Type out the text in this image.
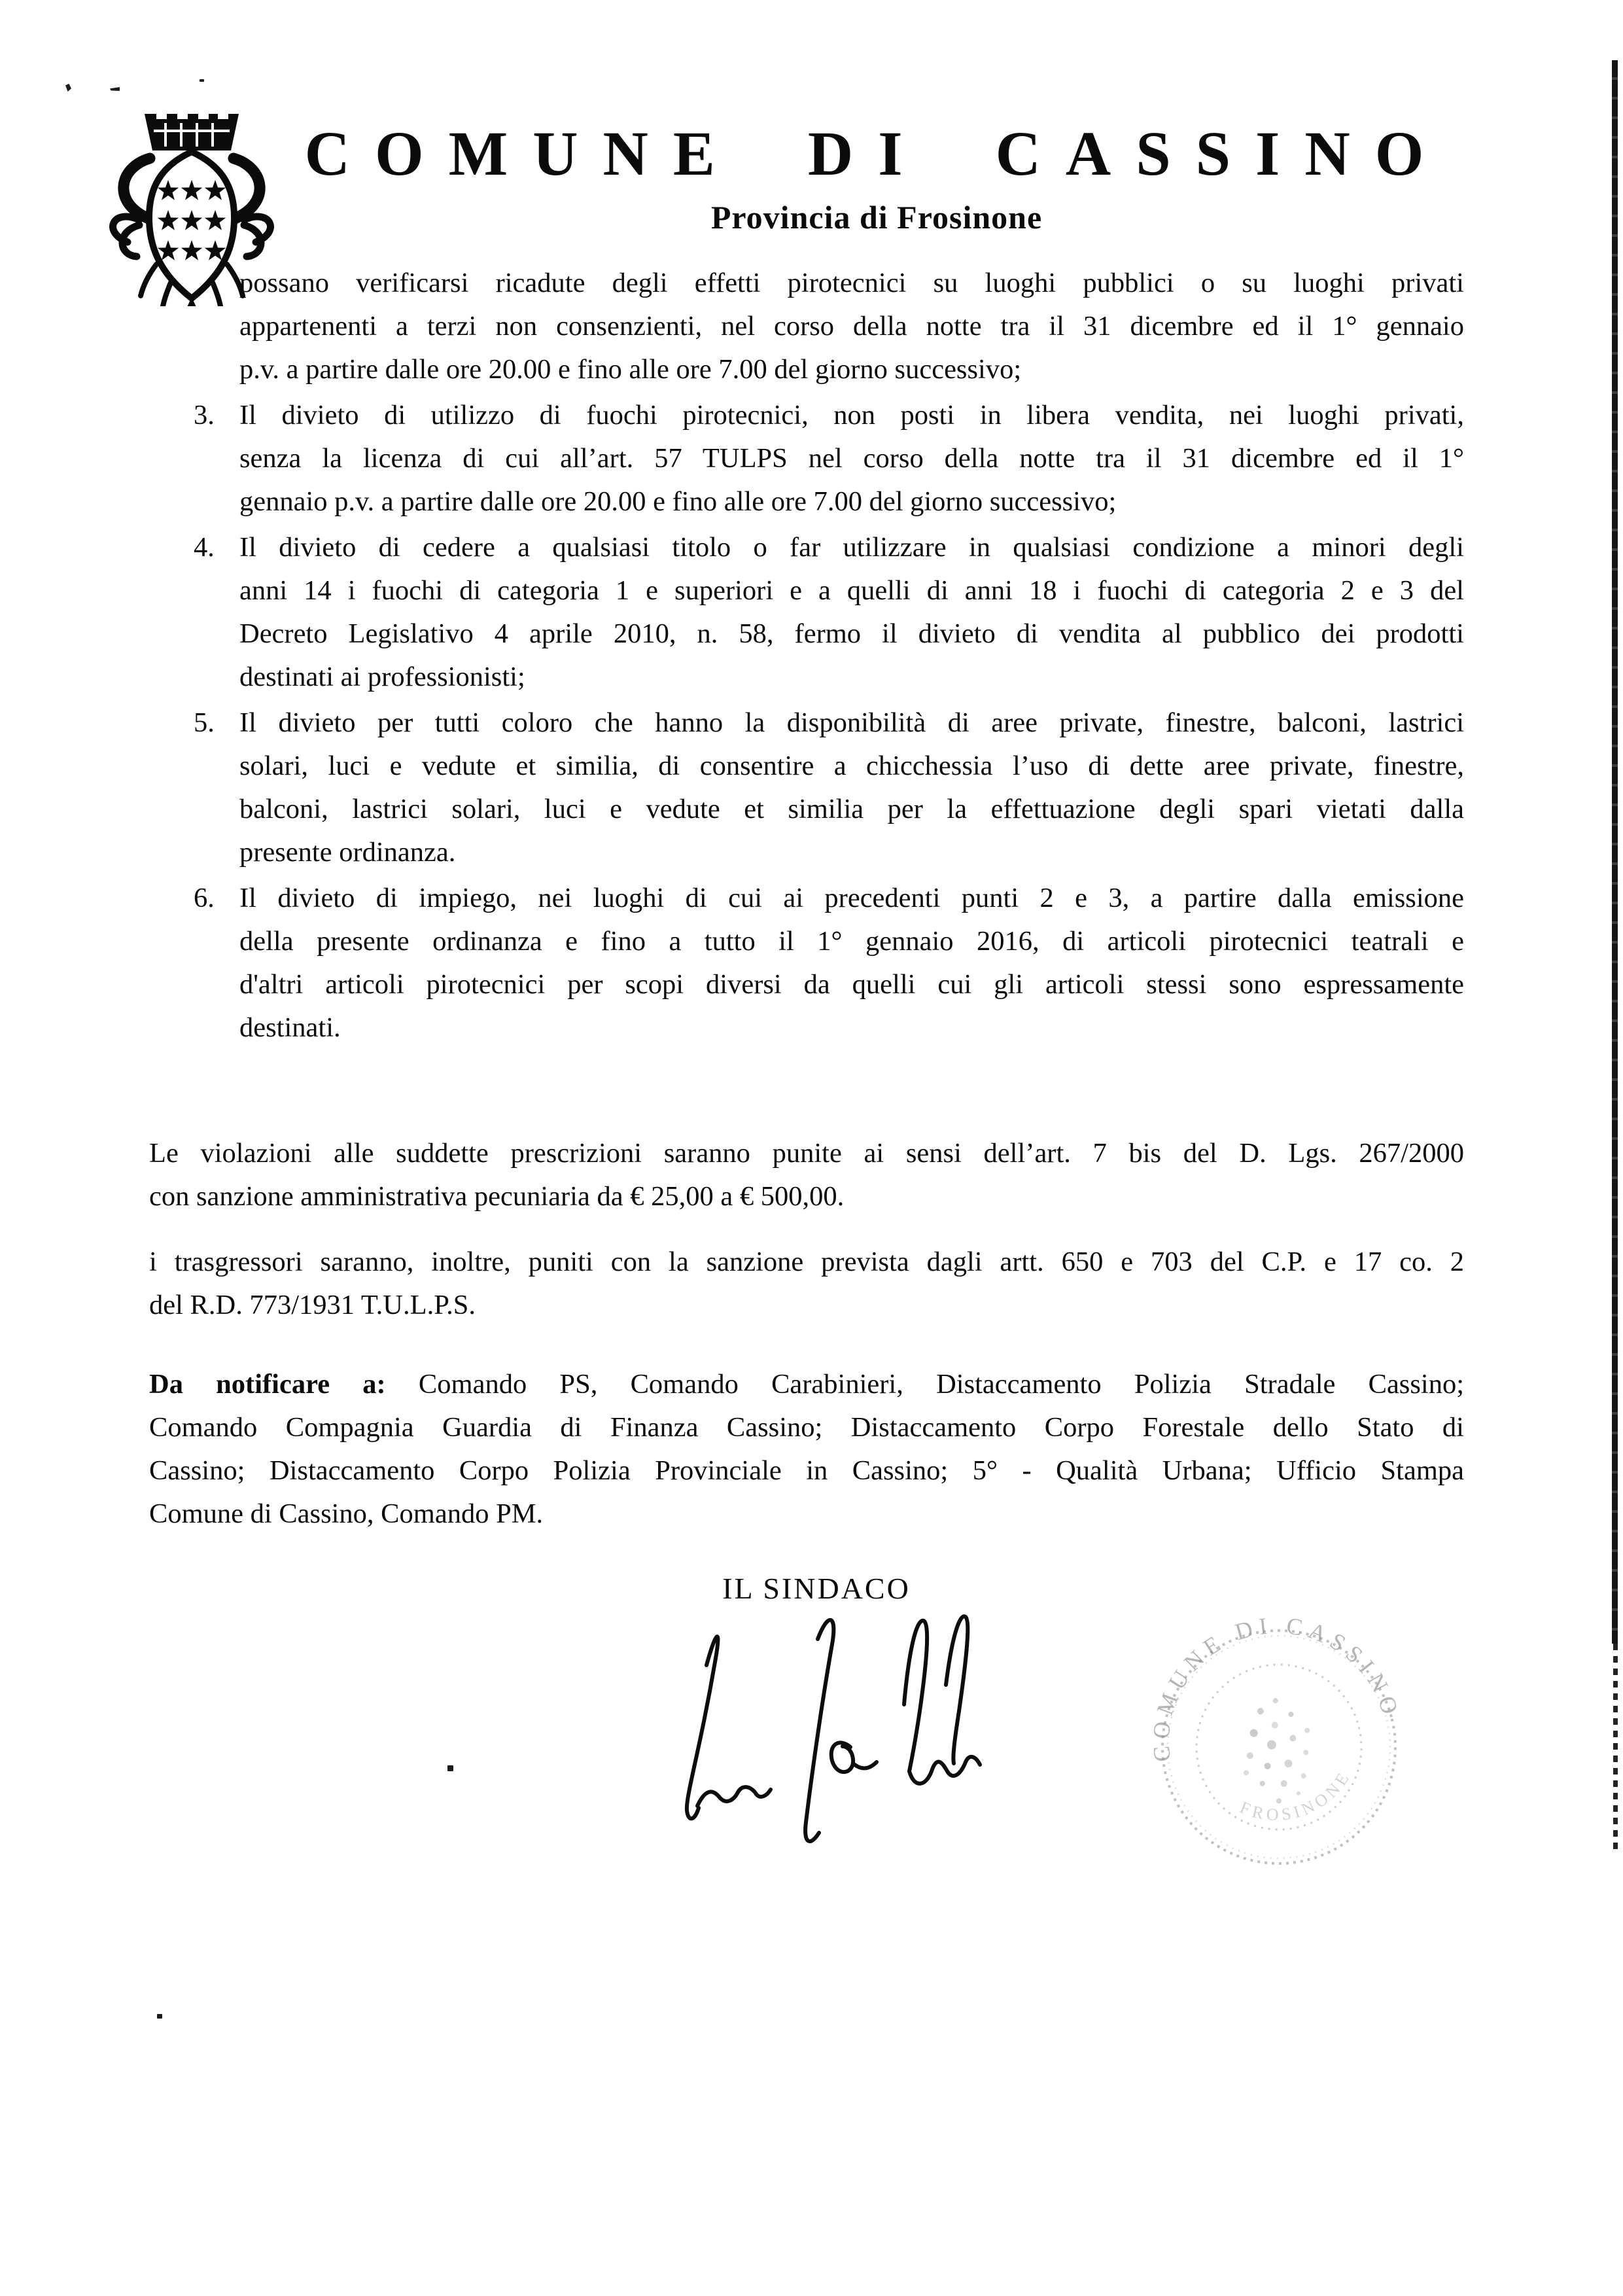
COMUNE DI CASSINO
Provincia di Frosinone
possano verificarsi ricadute degli effetti pirotecnici su luoghi pubblici o su luoghi privati
appartenenti a terzi non consenzienti, nel corso della notte tra il 31 dicembre ed il 1° gennaio
p.v. a partire dalle ore 20.00 e fino alle ore 7.00 del giorno successivo;
3. Il divieto di utilizzo di fuochi pirotecnici, non posti in libera vendita, nei luoghi privati,
senza la licenza di cui all’art. 57 TULPS nel corso della notte tra il 31 dicembre ed il 1°
gennaio p.v. a partire dalle ore 20.00 e fino alle ore 7.00 del giorno successivo;
4. Il divieto di cedere a qualsiasi titolo o far utilizzare in qualsiasi condizione a minori degli
anni 14 i fuochi di categoria 1 e superiori e a quelli di anni 18 i fuochi di categoria 2 e 3 del
Decreto Legislativo 4 aprile 2010, n. 58, fermo il divieto di vendita al pubblico dei prodotti
destinati ai professionisti;
5. Il divieto per tutti coloro che hanno la disponibilità di aree private, finestre, balconi, lastrici
solari, luci e vedute et similia, di consentire a chicchessia l’uso di dette aree private, finestre,
balconi, lastrici solari, luci e vedute et similia per la effettuazione degli spari vietati dalla
presente ordinanza.
6. Il divieto di impiego, nei luoghi di cui ai precedenti punti 2 e 3, a partire dalla emissione
della presente ordinanza e fino a tutto il 1° gennaio 2016, di articoli pirotecnici teatrali e
d'altri articoli pirotecnici per scopi diversi da quelli cui gli articoli stessi sono espressamente
destinati.
Le violazioni alle suddette prescrizioni saranno punite ai sensi dell’art. 7 bis del D. Lgs. 267/2000
con sanzione amministrativa pecuniaria da € 25,00 a € 500,00.
i trasgressori saranno, inoltre, puniti con la sanzione prevista dagli artt. 650 e 703 del C.P. e 17 co. 2
del R.D. 773/1931 T.U.L.P.S.
Da notificare a: Comando PS, Comando Carabinieri, Distaccamento Polizia Stradale Cassino;
Comando Compagnia Guardia di Finanza Cassino; Distaccamento Corpo Forestale dello Stato di
Cassino; Distaccamento Corpo Polizia Provinciale in Cassino; 5° - Qualità Urbana; Ufficio Stampa
Comune di Cassino, Comando PM.
IL SINDACO
COMUNE DI CASSINO
FROSINONE
